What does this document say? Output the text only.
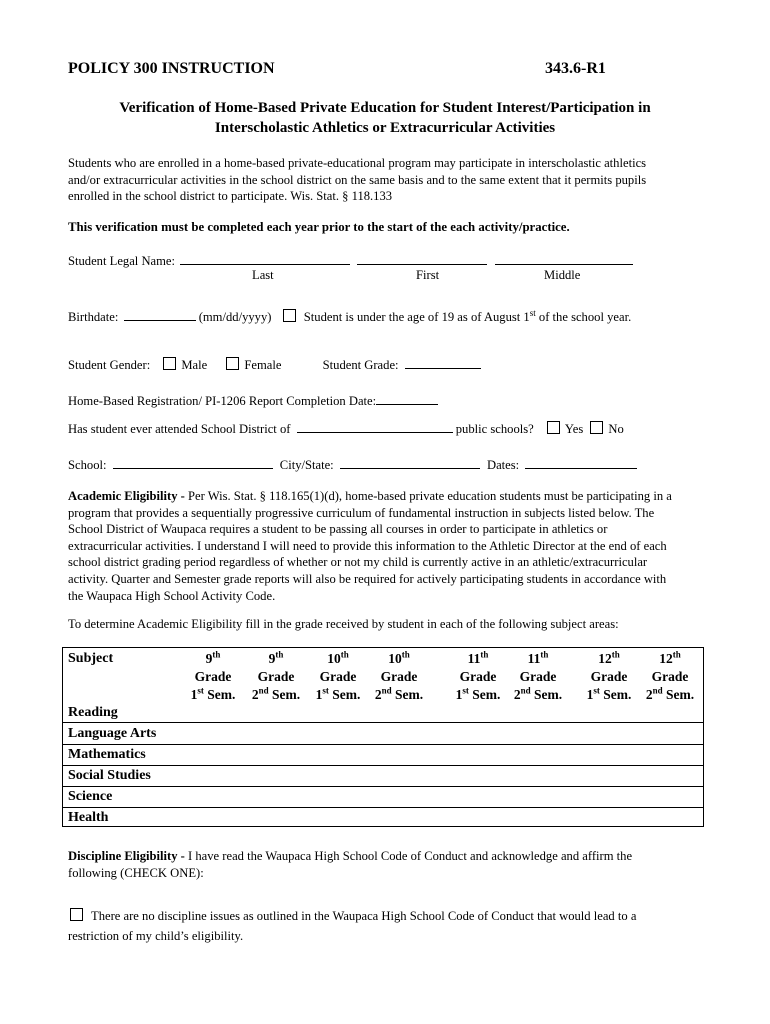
POLICY 300 INSTRUCTION	343.6-R1
Verification of Home-Based Private Education for Student Interest/Participation in
Interscholastic Athletics or Extracurricular Activities
Students who are enrolled in a home-based private-educational program may participate in interscholastic athletics
and/or extracurricular activities in the school district on the same basis and to the same extent that it permits pupils
enrolled in the school district to participate. Wis. Stat. § 118.133
This verification must be completed each year prior to the start of the each activity/practice.
Student Legal Name:
Last	First	Middle
Birthdate:	(mm/dd/yyyy)	Student is under the age of 19 as of August 1st of the school year.
Student Gender: Male	Female	Student Grade:
Home-Based Registration/ PI-1206 Report Completion Date:
Has student ever attended School District of	public schools? Yes No
School:	City/State:	Dates:
Academic Eligibility - Per Wis. Stat. § 118.165(1)(d), home-based private education students must be participating in a
program that provides a sequentially progressive curriculum of fundamental instruction in subjects listed below. The
School District of Waupaca requires a student to be passing all courses in order to participate in athletics or
extracurricular activities. I understand I will need to provide this information to the Athletic Director at the end of each
school district grading period regardless of whether or not my child is currently active in an athletic/extracurricular
activity. Quarter and Semester grade reports will also be required for actively participating students in accordance with
the Waupaca High School Activity Code.
To determine Academic Eligibility fill in the grade received by student in each of the following subject areas:
Subject	9th
Grade
1st Sem.
9th
Grade
2nd Sem.
10th
Grade
1st Sem.
10th
Grade
2nd Sem.
11th
Grade
1st Sem.
11th
Grade
2nd Sem.
12th
Grade
1st Sem.
12th
Grade
2nd Sem.
Reading
Language Arts
Mathematics
Social Studies
Science
Health
Discipline Eligibility - I have read the Waupaca High School Code of Conduct and acknowledge and affirm the
following (CHECK ONE):
There are no discipline issues as outlined in the Waupaca High School Code of Conduct that would lead to a
restriction of my child’s eligibility.
